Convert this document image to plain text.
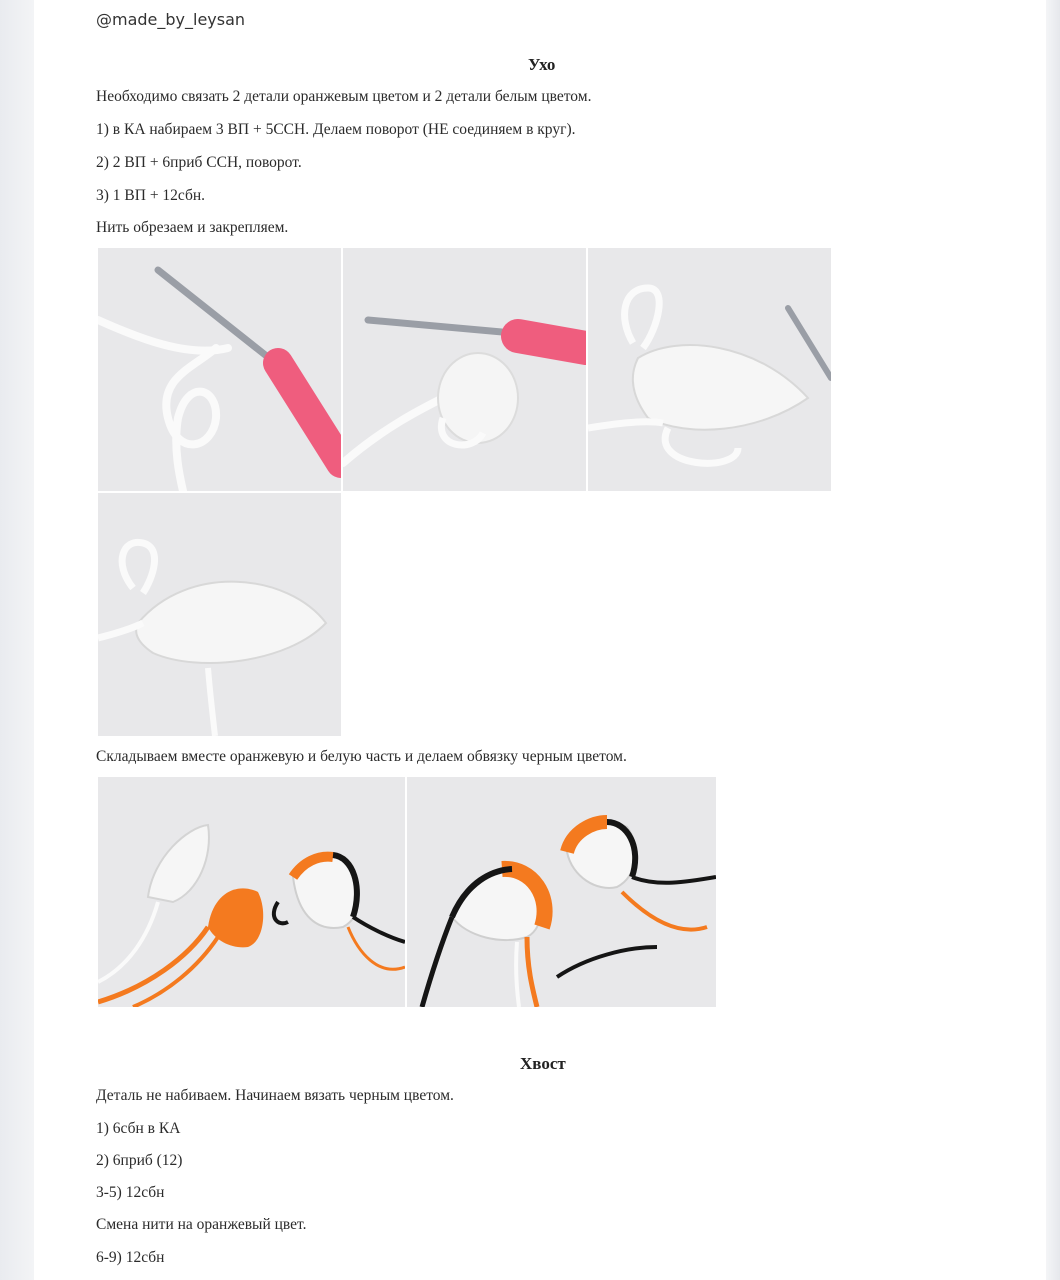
@made_by_leysan
Ухо
Необходимо связать 2 детали оранжевым цветом и 2 детали белым цветом.
1) в КА набираем 3 ВП + 5ССН. Делаем поворот (НЕ соединяем в круг).
2) 2 ВП + 6приб ССН, поворот.
3) 1 ВП + 12сбн.
Нить обрезаем и закрепляем.
Складываем вместе оранжевую и белую часть и делаем обвязку черным цветом.
Хвост
Деталь не набиваем. Начинаем вязать черным цветом.
1) 6сбн в КА
2) 6приб (12)
3-5) 12сбн
Смена нити на оранжевый цвет.
6-9) 12сбн
